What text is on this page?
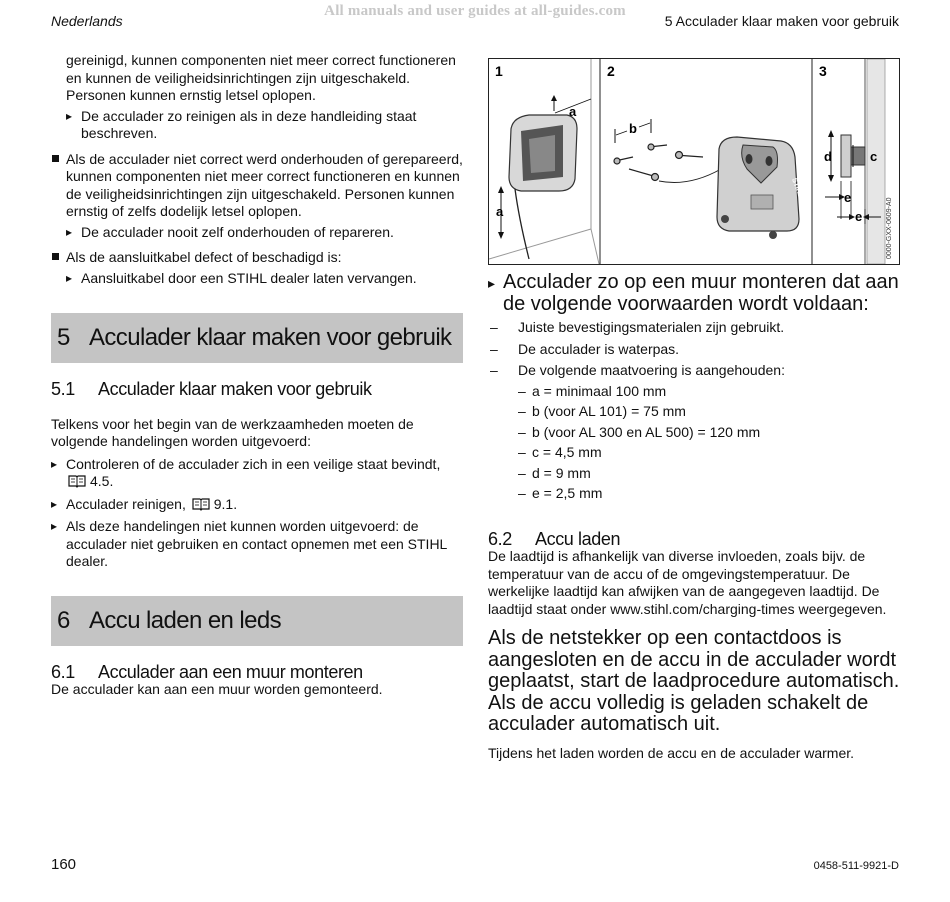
All manuals and user guides at all-guides.com
Nederlands	5 Acculader klaar maken voor gebruik
gereinigd, kunnen componenten niet meer correct functioneren en kunnen de veiligheidsinrichtingen zijn uitgeschakeld. Personen kunnen ernstig letsel oplopen.
▸ De acculader zo reinigen als in deze handleiding staat beschreven.
Als de acculader niet correct werd onderhouden of gerepareerd, kunnen componenten niet meer correct functioneren en kunnen de veiligheidsinrichtingen zijn uitgeschakeld. Personen kunnen ernstig of zelfs dodelijk letsel oplopen.
▸ De acculader nooit zelf onderhouden of repareren.
Als de aansluitkabel defect of beschadigd is:
▸ Aansluitkabel door een STIHL dealer laten vervangen.
5 Acculader klaar maken voor gebruik
5.1	Acculader klaar maken voor gebruik
Telkens voor het begin van de werkzaamheden moeten de volgende handelingen worden uitgevoerd:
▸ Controleren of de acculader zich in een veilige staat bevindt, 4.5.
▸ Acculader reinigen, 9.1.
▸ Als deze handelingen niet kunnen worden uitgevoerd: de acculader niet gebruiken en contact opnemen met een STIHL dealer.
6 Accu laden en leds
6.1	Acculader aan een muur monteren
De acculader kan aan een muur worden gemonteerd.
1	2	3
a
a
b
STIHL
d	c
e
e	0000-GXX-0609-A0
▸ Acculader zo op een muur monteren dat aan de volgende voorwaarden wordt voldaan:
– Juiste bevestigingsmaterialen zijn gebruikt.
– De acculader is waterpas.
– De volgende maatvoering is aangehouden:
– a = minimaal 100 mm
– b (voor AL 101) = 75 mm
– b (voor AL 300 en AL 500) = 120 mm
– c = 4,5 mm
– d = 9 mm
– e = 2,5 mm
6.2	Accu laden
De laadtijd is afhankelijk van diverse invloeden, zoals bijv. de temperatuur van de accu of de omgevingstemperatuur. De werkelijke laadtijd kan afwijken van de aangegeven laadtijd. De laadtijd staat onder www.stihl.com/charging-times weergegeven.
Als de netstekker op een contactdoos is aangesloten en de accu in de acculader wordt geplaatst, start de laadprocedure automatisch. Als de accu volledig is geladen schakelt de acculader automatisch uit.
Tijdens het laden worden de accu en de acculader warmer.
160	0458-511-9921-D
